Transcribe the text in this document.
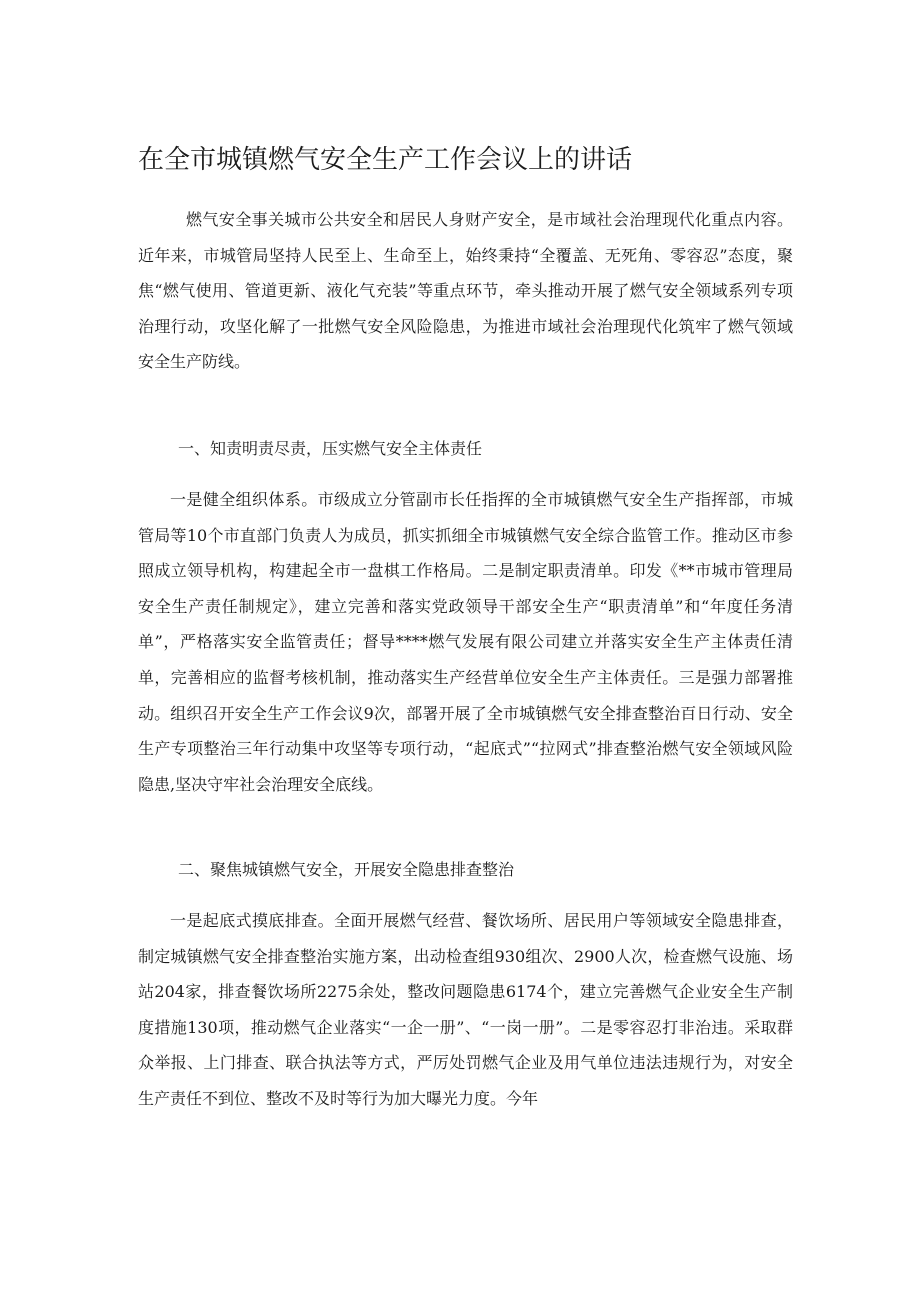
在全市城镇燃气安全生产工作会议上的讲话

燃气安全事关城市公共安全和居民人身财产安全，是市域社会治理现代化重点内容。近年来，市城管局坚持人民至上、生命至上，始终秉持“全覆盖、无死角、零容忍”态度，聚焦“燃气使用、管道更新、液化气充装”等重点环节，牵头推动开展了燃气安全领域系列专项治理行动，攻坚化解了一批燃气安全风险隐患，为推进市域社会治理现代化筑牢了燃气领域安全生产防线。

一、知责明责尽责，压实燃气安全主体责任

一是健全组织体系。市级成立分管副市长任指挥的全市城镇燃气安全生产指挥部，市城管局等10个市直部门负责人为成员，抓实抓细全市城镇燃气安全综合监管工作。推动区市参照成立领导机构，构建起全市一盘棋工作格局。二是制定职责清单。印发《**市城市管理局安全生产责任制规定》，建立完善和落实党政领导干部安全生产“职责清单”和“年度任务清单”，严格落实安全监管责任；督导****燃气发展有限公司建立并落实安全生产主体责任清单，完善相应的监督考核机制，推动落实生产经营单位安全生产主体责任。三是强力部署推动。组织召开安全生产工作会议9次，部署开展了全市城镇燃气安全排查整治百日行动、安全生产专项整治三年行动集中攻坚等专项行动，“起底式”“拉网式”排查整治燃气安全领域风险隐患,坚决守牢社会治理安全底线。

二、聚焦城镇燃气安全，开展安全隐患排查整治

一是起底式摸底排查。全面开展燃气经营、餐饮场所、居民用户等领域安全隐患排查，制定城镇燃气安全排查整治实施方案，出动检查组930组次、2900人次，检查燃气设施、场站204家，排查餐饮场所2275余处，整改问题隐患6174个，建立完善燃气企业安全生产制度措施130项，推动燃气企业落实“一企一册”、“一岗一册”。二是零容忍打非治违。采取群众举报、上门排查、联合执法等方式，严厉处罚燃气企业及用气单位违法违规行为，对安全生产责任不到位、整改不及时等行为加大曝光力度。今年
